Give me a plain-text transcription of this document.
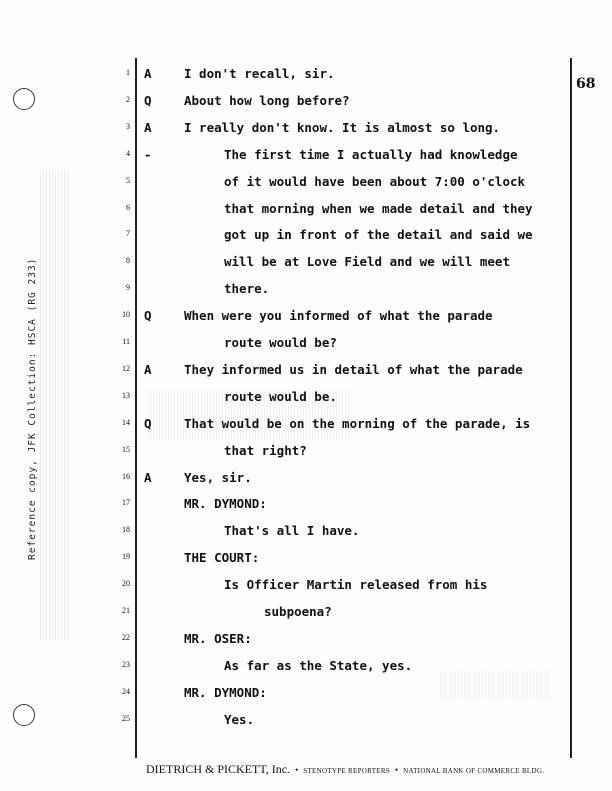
Reference copy, JFK Collection: HSCA (RG 233)
68
1 A	I don't recall, sir.
2 Q	About how long before?
3 A	I really don't know. It is almost so long.
4 -	The first time I actually had knowledge
5	of it would have been about 7:00 o'clock
6	that morning when we made detail and they
7	got up in front of the detail and said we
8	will be at Love Field and we will meet
9	there.
10 Q	When were you informed of what the parade
11	route would be?
12 A	They informed us in detail of what the parade
13	route would be.
14 Q	That would be on the morning of the parade, is
15	that right?
16 A	Yes, sir.
17	MR. DYMOND:
18	That's all I have.
19	THE COURT:
20	Is Officer Martin released from his
21	subpoena?
22	MR. OSER:
23	As far as the State, yes.
24	MR. DYMOND:
25	Yes.
DIETRICH & PICKETT, Inc. • STENOTYPE REPORTERS • NATIONAL BANK OF COMMERCE BLDG.
